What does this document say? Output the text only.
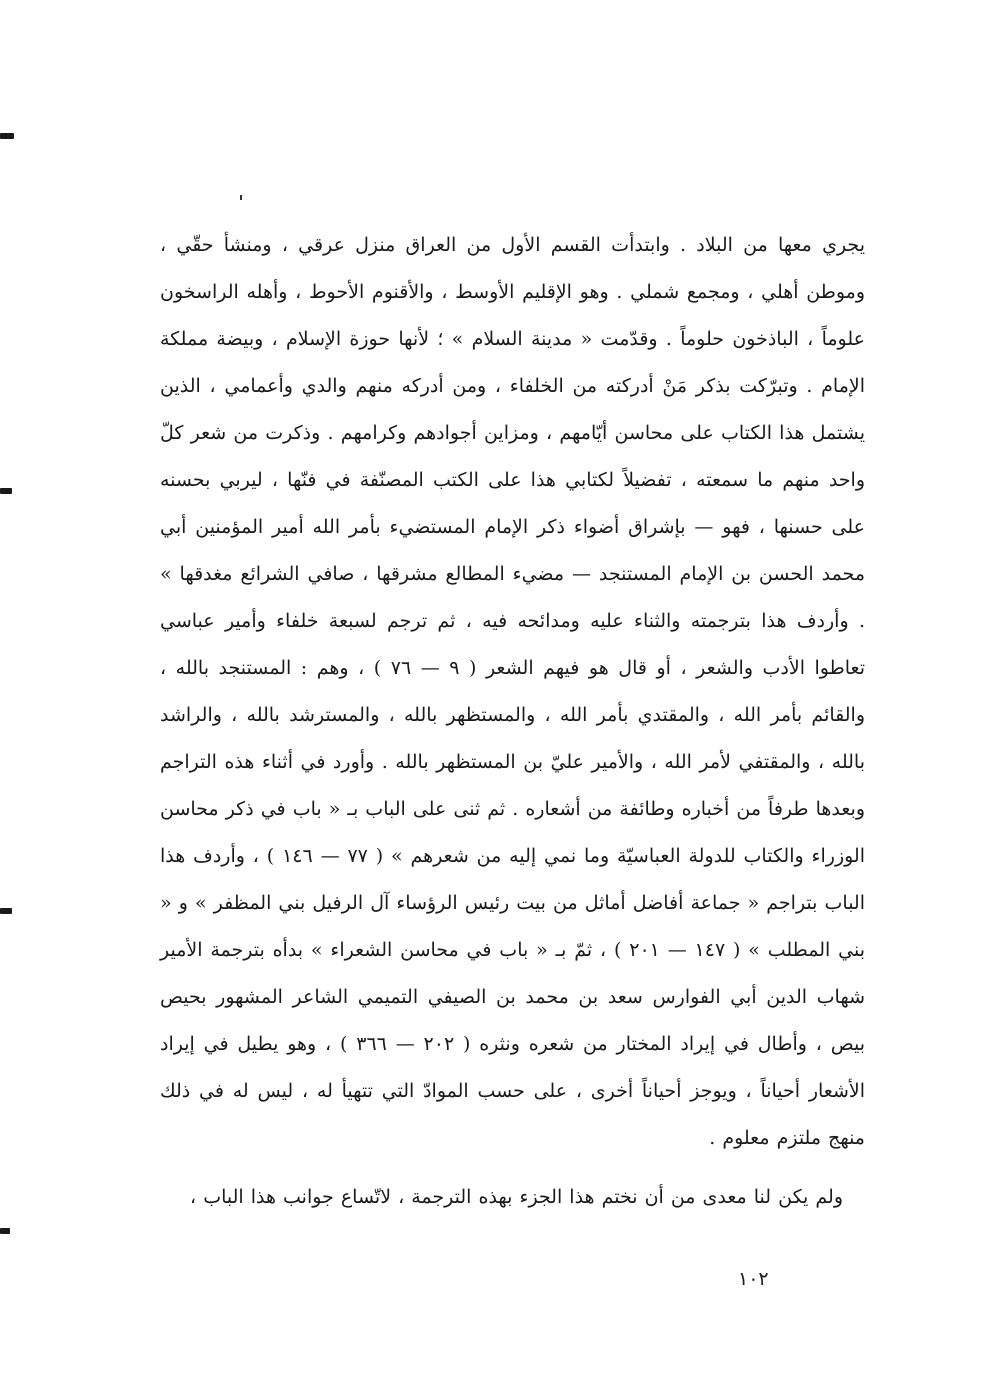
يجري معها من البلاد . وابتدأت القسم الأول من العراق منزل عرقي ، ومنشأ حقّي ، وموطن أهلي ، ومجمع شملي . وهو الإقليم الأوسط ، والأقنوم الأحوط ، وأهله الراسخون علوماً ، الباذخون حلوماً . وقدّمت « مدينة السلام » ؛ لأنها حوزة الإسلام ، وبيضة مملكة الإمام . وتبرّكت بذكر مَنْ أدركته من الخلفاء ، ومن أدركه منهم والدي وأعمامي ، الذين يشتمل هذا الكتاب على محاسن أيّامهم ، ومزاين أجوادهم وكرامهم . وذكرت من شعر كلّ واحد منهم ما سمعته ، تفضيلاً لكتابي هذا على الكتب المصنّفة في فنّها ، ليربي بحسنه على حسنها ، فهو — بإشراق أضواء ذكر الإمام المستضيء بأمر الله أمير المؤمنين أبي محمد الحسن بن الإمام المستنجد — مضيء المطالع مشرقها ، صافي الشرائع مغدقها » . وأردف هذا بترجمته والثناء عليه ومدائحه فيه ، ثم ترجم لسبعة خلفاء وأمير عباسي تعاطوا الأدب والشعر ، أو قال هو فيهم الشعر ( ٩ — ٧٦ ) ، وهم : المستنجد بالله ، والقائم بأمر الله ، والمقتدي بأمر الله ، والمستظهر بالله ، والمسترشد بالله ، والراشد بالله ، والمقتفي لأمر الله ، والأمير عليّ بن المستظهر بالله . وأورد في أثناء هذه التراجم وبعدها طرفاً من أخباره وطائفة من أشعاره . ثم ثنى على الباب بـ « باب في ذكر محاسن الوزراء والكتاب للدولة العباسيّة وما نمي إليه من شعرهم » ( ٧٧ — ١٤٦ ) ، وأردف هذا الباب بتراجم « جماعة أفاضل أماثل من بيت رئيس الرؤساء آل الرفيل بني المظفر » و « بني المطلب » ( ١٤٧ — ٢٠١ ) ، ثمّ بـ « باب في محاسن الشعراء » بدأه بترجمة الأمير شهاب الدين أبي الفوارس سعد بن محمد بن الصيفي التميمي الشاعر المشهور بحيص بيص ، وأطال في إيراد المختار من شعره ونثره ( ٢٠٢ — ٣٦٦ ) ، وهو يطيل في إيراد الأشعار أحياناً ، ويوجز أحياناً أخرى ، على حسب الموادّ التي تتهيأ له ، ليس له في ذلك منهج ملتزم معلوم .

ولم يكن لنا معدى من أن نختم هذا الجزء بهذه الترجمة ، لاتّساع جوانب هذا الباب ،

١٠٢
